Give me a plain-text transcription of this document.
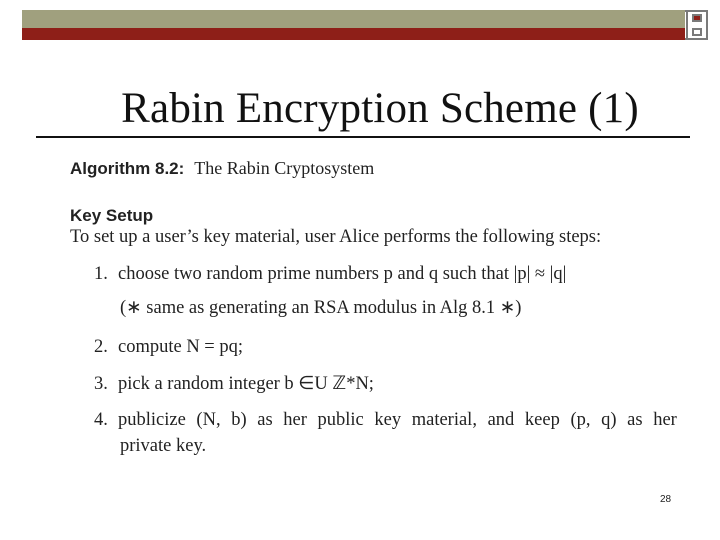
Rabin Encryption Scheme (1)
Algorithm 8.2: The Rabin Cryptosystem
Key Setup
To set up a user’s key material, user Alice performs the following steps:
1. choose two random prime numbers p and q such that |p| ≈ |q|
(∗ same as generating an RSA modulus in Alg 8.1 ∗)
2. compute N = pq;
3. pick a random integer b ∈U ℤ*N;
4. publicize (N, b) as her public key material, and keep (p, q) as her
private key.
28
